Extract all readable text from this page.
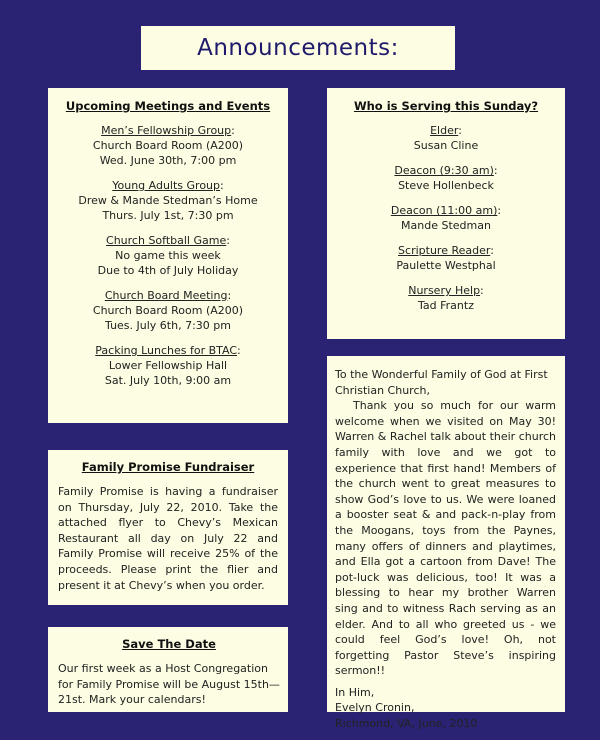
Announcements:
Upcoming Meetings and Events
Men’s Fellowship Group:
Church Board Room (A200)
Wed. June 30th, 7:00 pm
Young Adults Group:
Drew & Mande Stedman’s Home
Thurs. July 1st, 7:30 pm
Church Softball Game:
No game this week
Due to 4th of July Holiday
Church Board Meeting:
Church Board Room (A200)
Tues. July 6th, 7:30 pm
Packing Lunches for BTAC:
Lower Fellowship Hall
Sat. July 10th, 9:00 am
Who is Serving this Sunday?
Elder:
Susan Cline
Deacon (9:30 am):
Steve Hollenbeck
Deacon (11:00 am):
Mande Stedman
Scripture Reader:
Paulette Westphal
Nursery Help:
Tad Frantz
Family Promise Fundraiser
Family Promise is having a fundraiser on Thursday, July 22, 2010. Take the attached flyer to Chevy’s Mexican Restaurant all day on July 22 and Family Promise will receive 25% of the proceeds. Please print the flier and present it at Chevy’s when you order.
Save The Date
Our first week as a Host Congregation for Family Promise will be August 15th—21st. Mark your calendars!

To the Wonderful Family of God at First Christian Church,

Thank you so much for our warm welcome when we visited on May 30! Warren & Rachel talk about their church family with love and we got to experience that first hand! Members of the church went to great measures to show God’s love to us. We were loaned a booster seat & and pack-n-play from the Moogans, toys from the Paynes, many offers of dinners and playtimes, and Ella got a cartoon from Dave! The pot-luck was delicious, too! It was a blessing to hear my brother Warren sing and to witness Rach serving as an elder. And to all who greeted us - we could feel God’s love! Oh, not forgetting Pastor Steve’s inspiring sermon!!

In Him,

Evelyn Cronin,

Richmond, VA, June, 2010
